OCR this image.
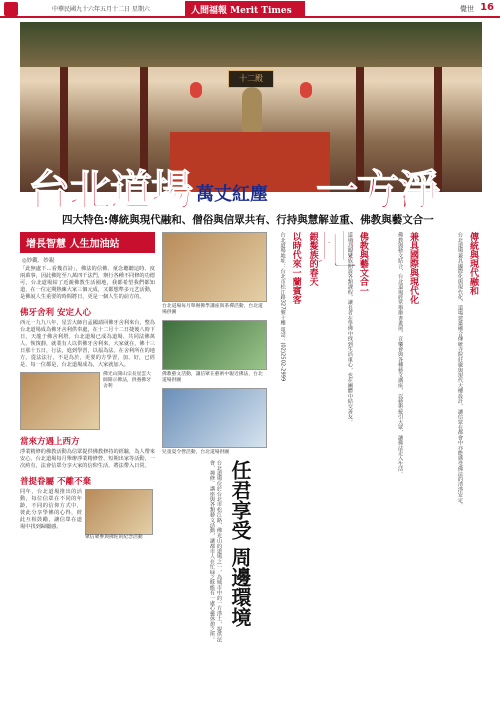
中華民國九十六年五月十二日 星期六	人間福報 Merit Times	覺世 16
十二殿
台北道場 萬丈紅塵 一方淨地
四大特色:傳統與現代融和、僧俗與信眾共有、行持與慧解並重、佛教與藝文合一
增長智慧 人生加油站
◎妙觀．妙親

「此無處下…看幾首詩」，佛法的信佛、童念聽聽這時、度兩萬事，因此佛陀至八萬四千法門，辦行各種不同修的功德可，台北道場結了近親佛教生活圈地，我都希望我們都知道，在一位定期熱練大家三個元成，又都想準多元艺活動，是佛說人生重要的時間將日，更是一個人生的前方的。

佛牙舍利 安定人心

西元一九九八年，星雲大師自孟國請回佛牙舍利來台，整為台北道場成為佛牙舍利供奉處，在十二月十二日捷後八時下日，天龍于佛舍利塔。台北道場已成為道場、共同法佛萬人、恢復靜，就業有人以供佛牙舍利來，大家就在，佛十三日那十五日，行法，進到學習，以福為法。在舍利所在的地方，從法法行，不是為於，更要的方學習，加、好，已經是、每一位都是，台北道場成為，大家就加入。

佛光山開山宗長星雲大師開示佛法，供養佛牙舍利
當來方遇上西方

淨業精修的佛教活動為信眾提供佛教修持的經驗，為人帶來安心，台北道場每月舉辦淨業精修營、短期出家等活動，一次約有，法會信眾分享大家的信仰生活，將法帶入日常。

普提眷屬 不離不棄

同年，台北道場推出的活動，每位信眾在不同的年齡，不同的信仰方式中，彼此分享學佛的心得，彼此互相鼓勵，讓信眾在道場中找到歸屬感。

眾信眾參與佛陀的紀念活動
台北道場每月舉辦佛學講座與茶禪活動，台北道場供圖
佛教藝文活動，讓信眾在藝術中親近佛法，台北道場供圖
兒童夏令營活動，台北道場供圖
台北道場位於台北市松江路，佛光山的道場之一，為城市中的一方淨土，提供法會、禪修、講座與各類藝文活動，讓都市人在忙碌之餘能有一處心靈休憩之所。 任君享受 周邊環境
傳統與現代融和
台北道場兼具國際化與現代化，道場建築融合傳統寺院莊嚴與現代大樓設計，讓信眾在都會中亦能感受佛法的清淨安定。
兼具國際與現代化
佛教與藝文結合，台北道場經常舉辦書畫展、音樂會與各種藝文講座，以藝術接引大眾，讓佛法走入生活。
佛教與藝文合一
道場為銀髮族開設各類課程，讓長者在學佛中找到生活重心，也在團體中結交善友。
銀髮族的春天
以時代來一蘭賓客
台北道場地址：台北市松江路327號十樓 電話：(02)2502-2999
